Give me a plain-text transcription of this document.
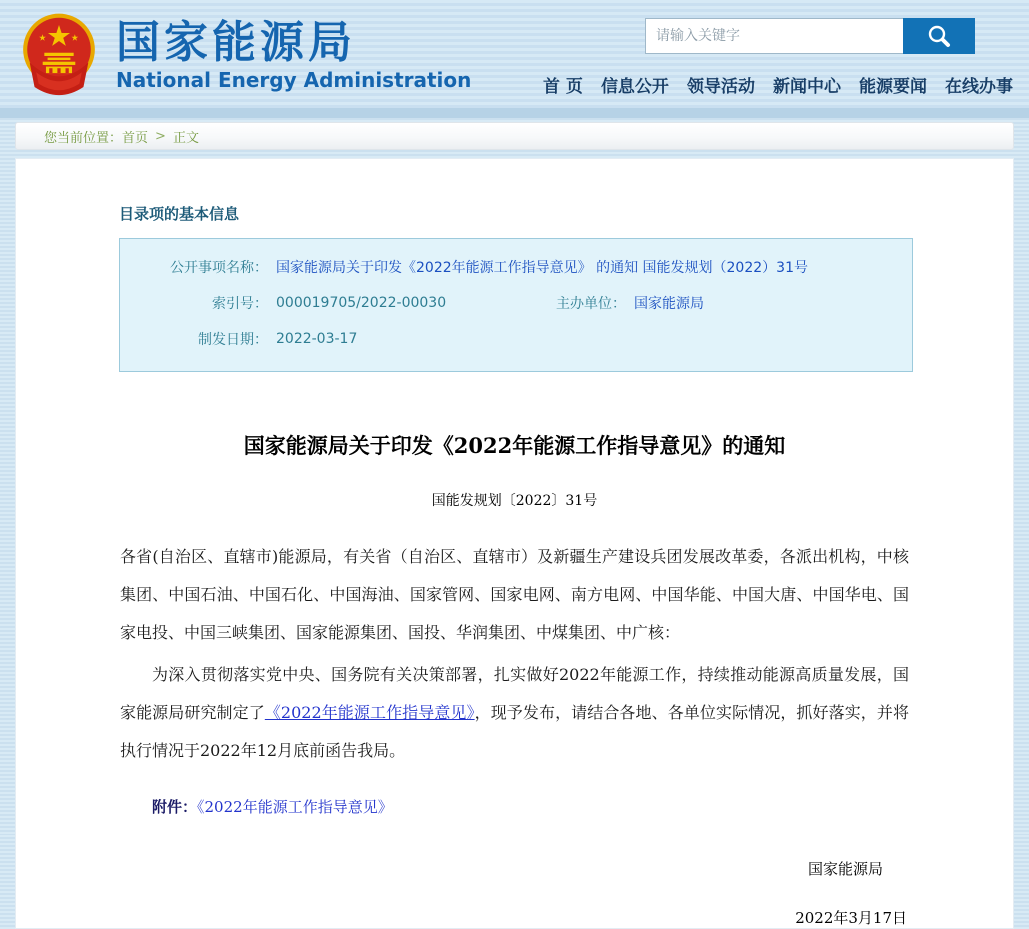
国家能源局
National Energy Administration
请输入关键字	首 页 信息公开 领导活动 新闻中心 能源要闻 在线办事
您当前位置： 首页 > 正文
目录项的基本信息
公开事项名称： 国家能源局关于印发《2022年能源工作指导意见》 的通知 国能发规划（2022）31号
索引号： 000019705/2022-00030	主办单位： 国家能源局
制发日期： 2022-03-17
国家能源局关于印发《2022年能源工作指导意见》的通知
国能发规划〔2022〕31号
各省(自治区、直辖市)能源局，有关省（自治区、直辖市）及新疆生产建设兵团发展改革委，各派出机构，中核集团、中国石油、中国石化、中国海油、国家管网、国家电网、南方电网、中国华能、中国大唐、中国华电、国家电投、中国三峡集团、国家能源集团、国投、华润集团、中煤集团、中广核：
为深入贯彻落实党中央、国务院有关决策部署，扎实做好2022年能源工作，持续推动能源高质量发展，国家能源局研究制定了《2022年能源工作指导意见》，现予发布，请结合各地、各单位实际情况，抓好落实，并将执行情况于2022年12月底前函告我局。
附件：《2022年能源工作指导意见》
国家能源局
2022年3月17日
